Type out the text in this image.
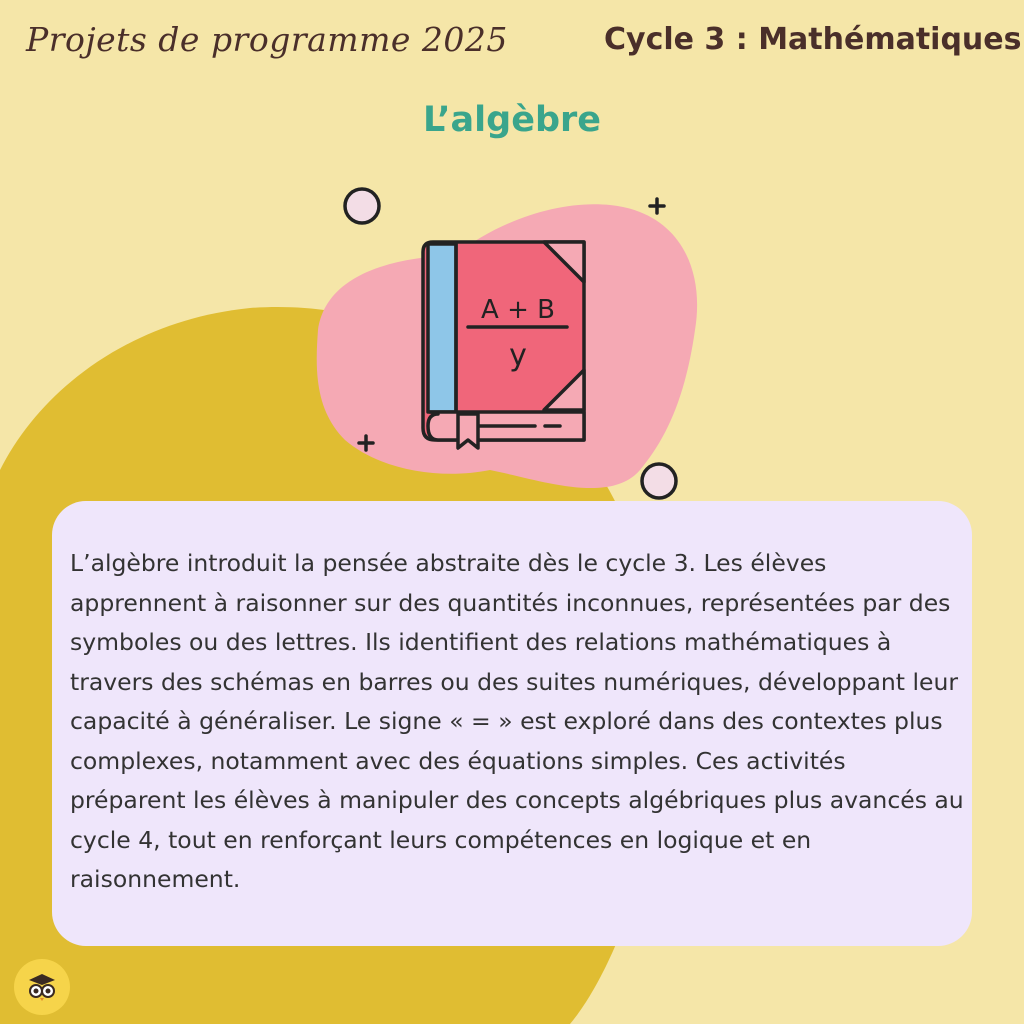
Projets de programme 2025	Cycle 3 : Mathématiques
L’algèbre
A + B
y

L’algèbre introduit la pensée abstraite dès le cycle 3. Les élèves apprennent à raisonner sur des quantités inconnues, représentées par des symboles ou des lettres. Ils identifient des relations mathématiques à travers des schémas en barres ou des suites numériques, développant leur capacité à généraliser. Le signe « = » est exploré dans des contextes plus complexes, notamment avec des équations simples. Ces activités préparent les élèves à manipuler des concepts algébriques plus avancés au cycle 4, tout en renforçant leurs compétences en logique et en raisonnement.
